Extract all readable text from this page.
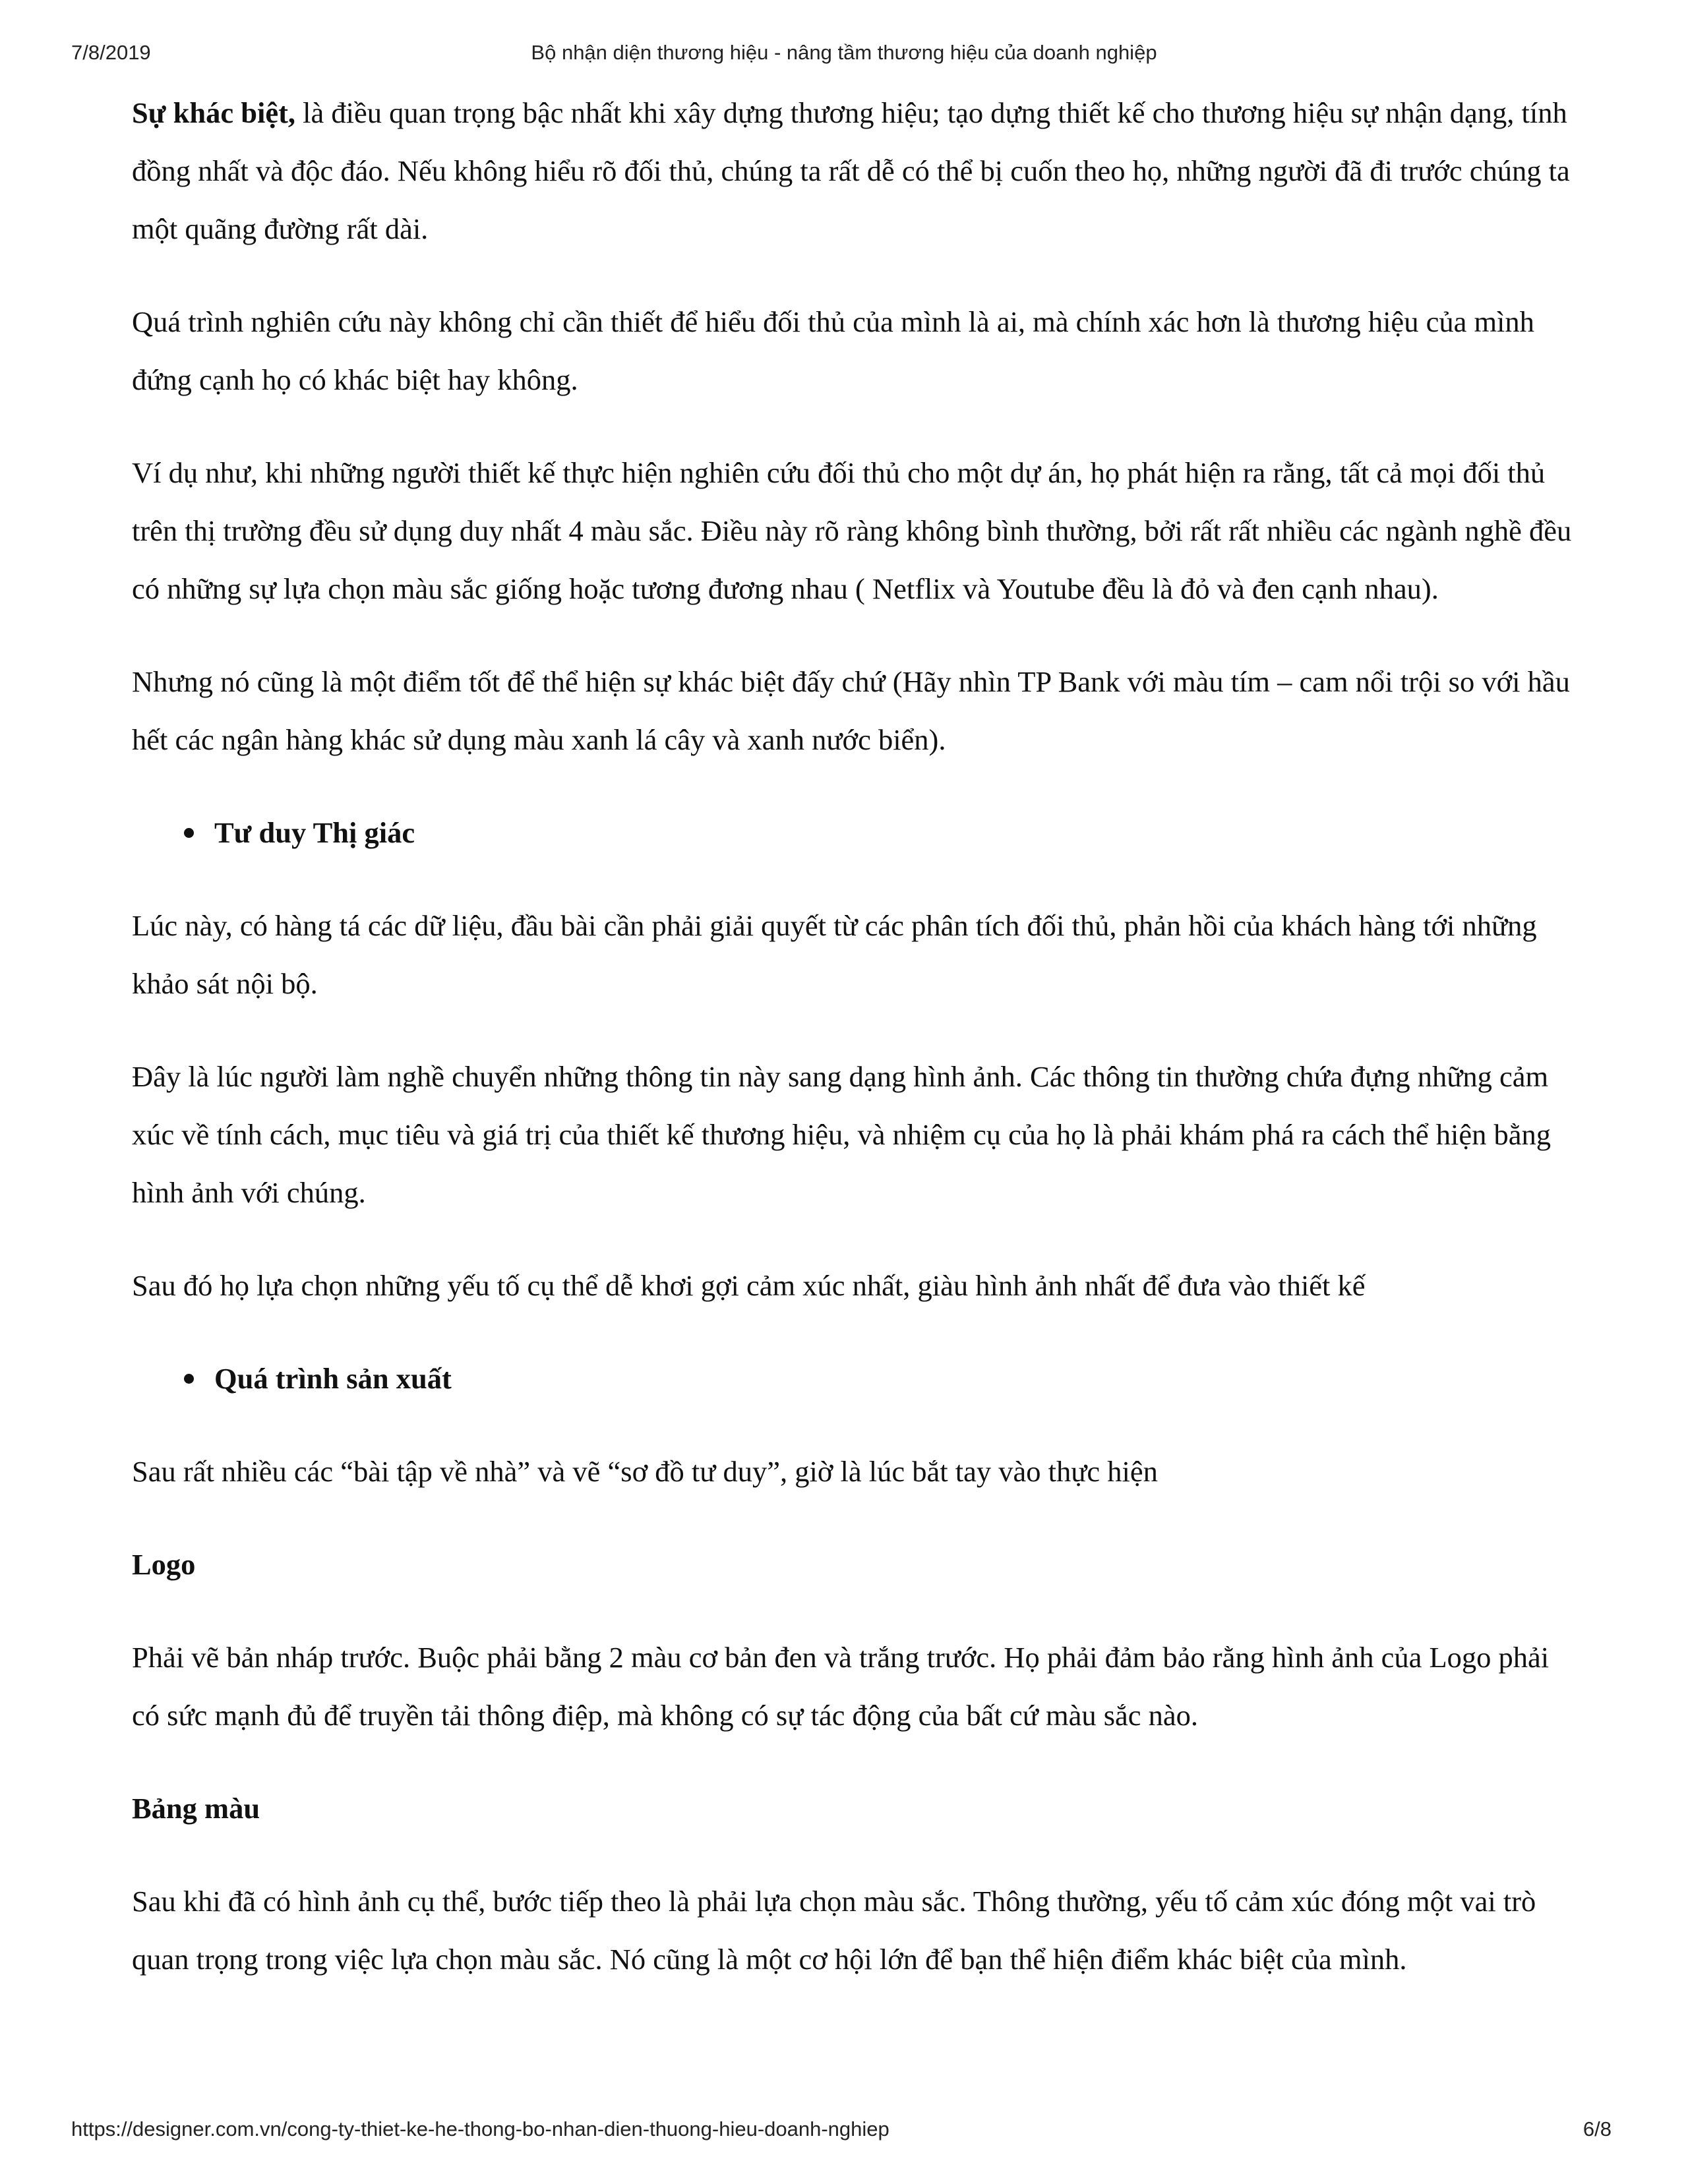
7/8/2019	Bộ nhận diện thương hiệu - nâng tầm thương hiệu của doanh nghiệp

Sự khác biệt, là điều quan trọng bậc nhất khi xây dựng thương hiệu; tạo dựng thiết kế cho thương hiệu sự nhận dạng, tính đồng nhất và độc đáo. Nếu không hiểu rõ đối thủ, chúng ta rất dễ có thể bị cuốn theo họ, những người đã đi trước chúng ta một quãng đường rất dài.

Quá trình nghiên cứu này không chỉ cần thiết để hiểu đối thủ của mình là ai, mà chính xác hơn là thương hiệu của mình đứng cạnh họ có khác biệt hay không.

Ví dụ như, khi những người thiết kế thực hiện nghiên cứu đối thủ cho một dự án, họ phát hiện ra rằng, tất cả mọi đối thủ trên thị trường đều sử dụng duy nhất 4 màu sắc. Điều này rõ ràng không bình thường, bởi rất rất nhiều các ngành nghề đều có những sự lựa chọn màu sắc giống hoặc tương đương nhau ( Netflix và Youtube đều là đỏ và đen cạnh nhau).

Nhưng nó cũng là một điểm tốt để thể hiện sự khác biệt đấy chứ (Hãy nhìn TP Bank với màu tím – cam nổi trội so với hầu hết các ngân hàng khác sử dụng màu xanh lá cây và xanh nước biển).

Tư duy Thị giác

Lúc này, có hàng tá các dữ liệu, đầu bài cần phải giải quyết từ các phân tích đối thủ, phản hồi của khách hàng tới những khảo sát nội bộ.

Đây là lúc người làm nghề chuyển những thông tin này sang dạng hình ảnh. Các thông tin thường chứa đựng những cảm xúc về tính cách, mục tiêu và giá trị của thiết kế thương hiệu, và nhiệm cụ của họ là phải khám phá ra cách thể hiện bằng hình ảnh với chúng.

Sau đó họ lựa chọn những yếu tố cụ thể dễ khơi gợi cảm xúc nhất, giàu hình ảnh nhất để đưa vào thiết kế

Quá trình sản xuất

Sau rất nhiều các “bài tập về nhà” và vẽ “sơ đồ tư duy”, giờ là lúc bắt tay vào thực hiện

Logo

Phải vẽ bản nháp trước. Buộc phải bằng 2 màu cơ bản đen và trắng trước. Họ phải đảm bảo rằng hình ảnh của Logo phải có sức mạnh đủ để truyền tải thông điệp, mà không có sự tác động của bất cứ màu sắc nào.

Bảng màu

Sau khi đã có hình ảnh cụ thể, bước tiếp theo là phải lựa chọn màu sắc. Thông thường, yếu tố cảm xúc đóng một vai trò quan trọng trong việc lựa chọn màu sắc. Nó cũng là một cơ hội lớn để bạn thể hiện điểm khác biệt của mình.

https://designer.com.vn/cong-ty-thiet-ke-he-thong-bo-nhan-dien-thuong-hieu-doanh-nghiep	6/8
